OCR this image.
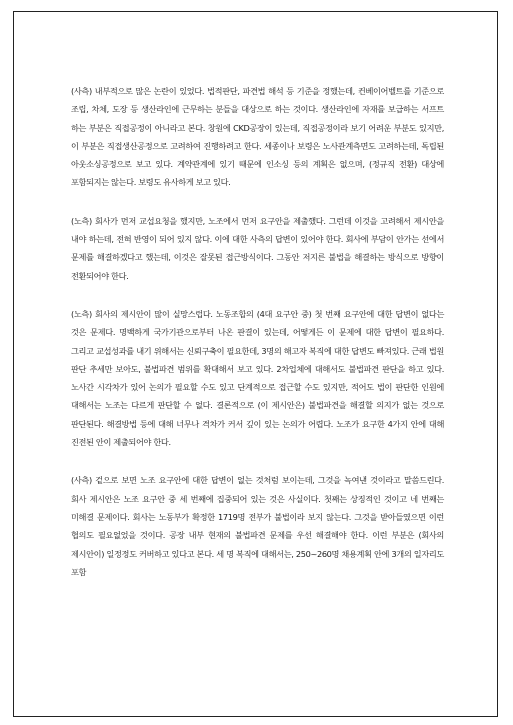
(사측) 내부적으로 많은 논란이 있었다. 법적판단, 파견법 해석 등 기준을 정했는데, 컨베이어벨트를 기준으로 조립, 차체, 도장 등 생산라인에 근무하는 분들을 대상으로 하는 것이다. 생산라인에 자재를 보급하는 서프트 하는 부분은 직접공정이 아니라고 본다. 창원에 CKD공장이 있는데, 직접공정이라 보기 어려운 부분도 있지만, 이 부분은 직접생산공정으로 고려하여 진행하려고 한다. 세종이나 보령은 노사관계측면도 고려하는데, 독립된 아웃소싱공정으로 보고 있다. 계약관계에 있기 때문에 인소싱 등의 계획은 없으며, (정규직 전환) 대상에 포함되지는 않는다. 보령도 유사하게 보고 있다.

(노측) 회사가 먼저 교섭요청을 했지만, 노조에서 먼저 요구안을 제출했다. 그런데 이것을 고려해서 제시안을 내야 하는데, 전혀 반영이 되어 있지 않다. 이에 대한 사측의 답변이 있어야 한다. 회사에 부담이 안가는 선에서 문제를 해결하겠다고 했는데, 이것은 잘못된 접근방식이다. 그동안 저지른 불법을 해결하는 방식으로 방향이 전환되어야 한다.

(노측) 회사의 제시안이 많이 실망스럽다. 노동조합의 (4대 요구안 중) 첫 번째 요구안에 대한 답변이 없다는 것은 문제다. 명백하게 국가기관으로부터 나온 판결이 있는데, 어떻게든 이 문제에 대한 답변이 필요하다. 그리고 교섭성과를 내기 위해서는 신뢰구축이 필요한데, 3명의 해고자 복직에 대한 답변도 빠져있다. 근래 법원 판단 추세만 보아도, 불법파견 범위를 확대해서 보고 있다. 2차업체에 대해서도 불법파견 판단을 하고 있다. 노사간 시각차가 있어 논의가 필요할 수도 있고 단계적으로 접근할 수도 있지만, 적어도 법이 판단한 인원에 대해서는 노조는 다르게 판단할 수 없다. 결론적으로 (이 제시안은) 불법파견을 해결할 의지가 없는 것으로 판단된다. 해결방법 등에 대해 너무나 격차가 커서 깊이 있는 논의가 어렵다. 노조가 요구한 4가지 안에 대해 진전된 안이 제출되어야 한다.

(사측) 겉으로 보면 노조 요구안에 대한 답변이 없는 것처럼 보이는데, 그것을 녹여낸 것이라고 말씀드린다. 회사 제시안은 노조 요구안 중 세 번째에 집중되어 있는 것은 사실이다. 첫째는 상징적인 것이고 네 번째는 미해결 문제이다. 회사는 노동부가 확정한 1719명 전부가 불법이라 보지 않는다. 그것을 받아들였으면 이런 협의도 필요없었을 것이다. 공장 내부 현재의 불법파견 문제를 우선 해결해야 한다. 이런 부분은 (회사의 제시안이) 일정정도 커버하고 있다고 본다. 세 명 복직에 대해서는, 250~260명 채용계획 안에 3개의 일자리도 포함
